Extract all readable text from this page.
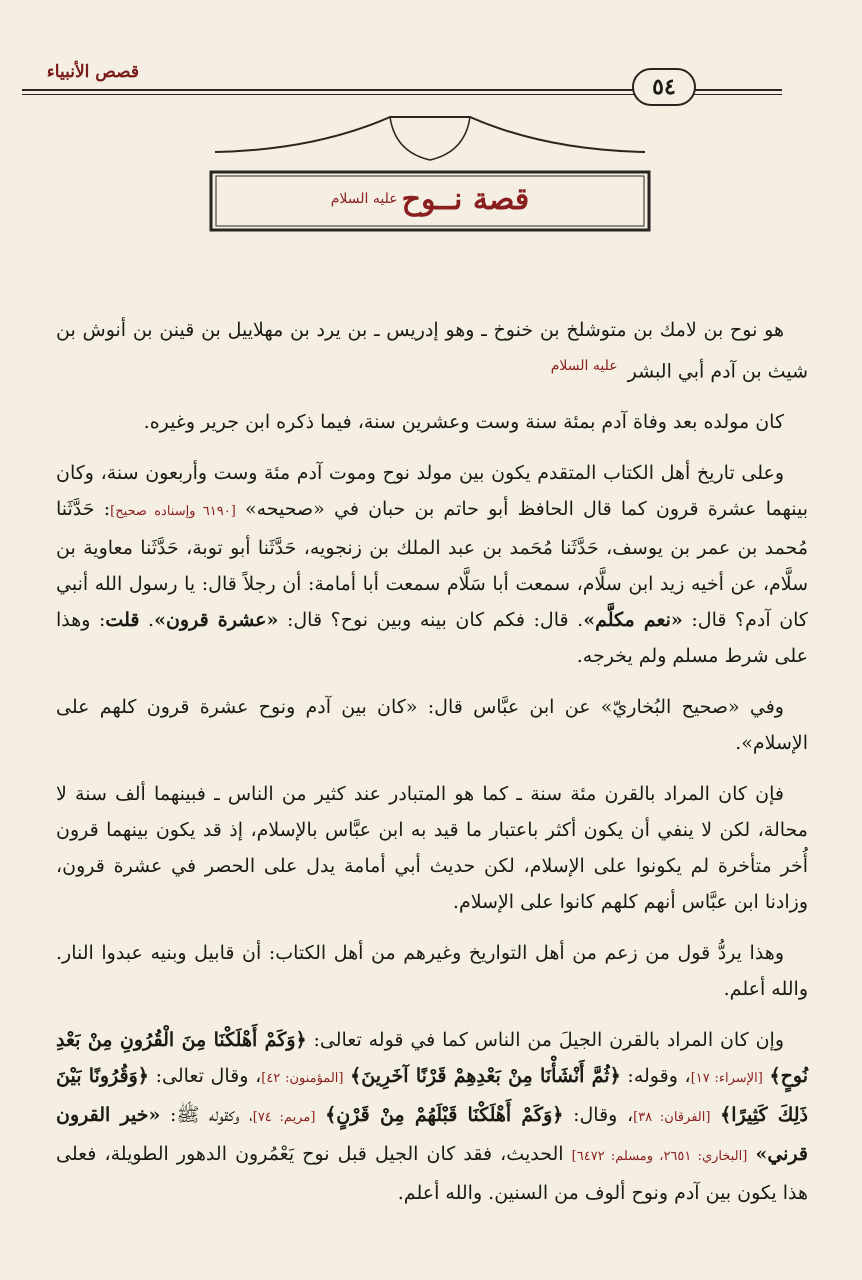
قصص الأنبياء
٥٤
قصة نــوح
عليه السلام

هو نوح بن لامك بن متوشلخ بن خنوخ ـ وهو إدريس ـ بن يرد بن مهلاييل بن قينن بن أنوش بن شيث بن آدم أبي البشر $^{عليه السلام}$

كان مولده بعد وفاة آدم بمئة سنة وست وعشرين سنة، فيما ذكره ابن جرير وغيره.

وعلى تاريخ أهل الكتاب المتقدم يكون بين مولد نوح وموت آدم مئة وست وأربعون سنة، وكان بينهما عشرة قرون كما قال الحافظ أبو حاتم بن حبان في «صحيحه» [٦١٩٠ وإسناده صحيح]: حَدَّثَنا مُحمد بن عمر بن يوسف، حَدَّثَنا مُحَمد بن عبد الملك بن زنجويه، حَدَّثَنا أبو توبة، حَدَّثَنا معاوية بن سلَّام، عن أخيه زيد ابن سلَّام، سمعت أبا سَلَّام سمعت أبا أمامة: أن رجلاً قال: يا رسول الله أنبي كان آدم؟ قال: «نعم مكلَّم». قال: فكم كان بينه وبين نوح؟ قال: «عشرة قرون». قلت: وهذا على شرط مسلم ولم يخرجه.

وفي «صحيح البُخاريّ» عن ابن عبَّاس قال: «كان بين آدم ونوح عشرة قرون كلهم على الإسلام».

فإن كان المراد بالقرن مئة سنة ـ كما هو المتبادر عند كثير من الناس ـ فبينهما ألف سنة لا محالة، لكن لا ينفي أن يكون أكثر باعتبار ما قيد به ابن عبَّاس بالإسلام، إذ قد يكون بينهما قرون أُخر متأخرة لم يكونوا على الإسلام، لكن حديث أبي أمامة يدل على الحصر في عشرة قرون، وزادنا ابن عبَّاس أنهم كلهم كانوا على الإسلام.

وهذا يردُّ قول من زعم من أهل التواريخ وغيرهم من أهل الكتاب: أن قابيل وبنيه عبدوا النار. والله أعلم.

وإن كان المراد بالقرن الجيلَ من الناس كما في قوله تعالى: ﴿وَكَمْ أَهْلَكْنَا مِنَ الْقُرُونِ مِنْ بَعْدِ نُوحٍ﴾ [الإسراء: ١٧]، وقوله: ﴿ثُمَّ أَنْشَأْنَا مِنْ بَعْدِهِمْ قَرْنًا آخَرِينَ﴾ [المؤمنون: ٤٢]، وقال تعالى: ﴿وَقُرُونًا بَيْنَ ذَلِكَ كَثِيرًا﴾ [الفرقان: ٣٨]، وقال: ﴿وَكَمْ أَهْلَكْنَا قَبْلَهُمْ مِنْ قَرْنٍ﴾ [مريم: ٧٤]، وكقوله ﷺ: «خير القرون قرني» [البخاري: ٢٦٥١، ومسلم: ٦٤٧٢] الحديث، فقد كان الجيل قبل نوح يَعْمُرون الدهور الطويلة، فعلى هذا يكون بين آدم ونوح ألوف من السنين. والله أعلم.
